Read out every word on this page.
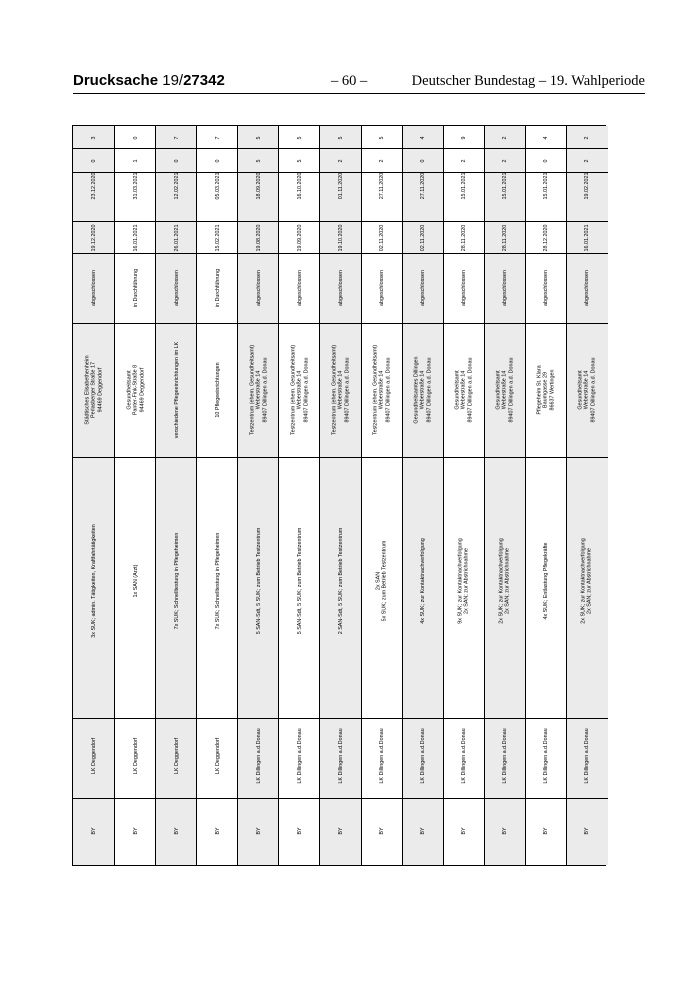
Drucksache 19/27342	– 60 –	Deutscher Bundestag – 19. Wahlperiode
BY
LK Deggendorf
3x SUK; admin. Tätigkeiten, Kraftfahrtätigkeiten
Städtisches Elisabethenheim
Perlasberger Straße 17
94469 Deggendorf
abgeschlossen
19.12.2020
23.12.2020
0
3
BY
LK Deggendorf
1x SAN (Arzt)
Gesundheitsamt
Panter-Fink-Straße 8
94469 Deggendorf
in Durchführung
16.01.2021
31.03.2021
1
0
BY
LK Deggendorf
7x SUK; Schnelltestung in Pflegeheimen
verschiedene Pflegeeinrichtungen im LK
abgeschlossen
26.01.2021
12.02.2021
0
7
BY
LK Deggendorf
7x SUK; Schnelltestung in Pflegeheimen
10 Pflegeeinrichtungen
in Durchführung
15.02.2021
05.03.2021
0
7
BY
LK Dillingen a.d.Donau
5 SAN-Sdt, 5 SUK; zum Betrieb Testzentrum
Testzentrum (ehem. Gesundheitsamt)
Weberstraße 14
89407 Dillingen a.d. Donau
abgeschlossen
19.08.2020
18.09.2020
5
5
BY
LK Dillingen a.d.Donau
5 SAN-Sdt, 5 SUK; zum Betrieb Testzentrum
Testzentrum (ehem. Gesundheitsamt)
Weberstraße 14
89407 Dillingen a.d. Donau
abgeschlossen
19.09.2020
16.10.2020
5
5
BY
LK Dillingen a.d.Donau
2 SAN-Sdt, 5 SUK; zum Betrieb Testzentrum
Testzentrum (ehem. Gesundheitsamt)
Weberstraße 14
89407 Dillingen a.d. Donau
abgeschlossen
19.10.2020
01.11.2020
2
5
BY
LK Dillingen a.d.Donau
2x SAN
5x SUK; zum Betrieb Testzentrum
Testzentrum (ehem. Gesundheitsamt)
Weberstraße 14
89407 Dillingen a.d. Donau
abgeschlossen
02.11.2020
27.11.2020
2
5
BY
LK Dillingen a.d.Donau
4x SUK; zur Kontaktnachverfolgung
Gesundheitsamtes Dillingen
Weberstraße 14
89407 Dillingen a.d. Donau
abgeschlossen
02.11.2020
27.11.2020
0
4
BY
LK Dillingen a.d.Donau
9x SUK; zur Kontaktnachverfolgung
2x SAN; zur Abstrichnahme
Gesundheitsamt
Weberstraße 14
89407 Dillingen a.d. Donau
abgeschlossen
28.11.2020
15.01.2021
2
9
BY
LK Dillingen a.d.Donau
2x SUK; zur Kontaktnachverfolgung
2x SAN; zur Abstrichnahme
Gesundheitsamt
Weberstraße 14
89407 Dillingen a.d. Donau
abgeschlossen
28.11.2020
15.01.2021
2
2
BY
LK Dillingen a.d.Donau
4x SUK; Entlastung Pflegekräfte
Pflegeheim St. Klara
Baumgasse 29
86637 Wertingen
abgeschlossen
28.12.2020
15.01.2021
0
4
BY
LK Dillingen a.d.Donau
2x SUK; zur Kontaktnachverfolgung
2x SAN; zur Abstrichnahme
Gesundheitsamt
Weberstraße 14
89407 Dillingen a.d. Donau
abgeschlossen
16.01.2021
19.02.2021
2
2
